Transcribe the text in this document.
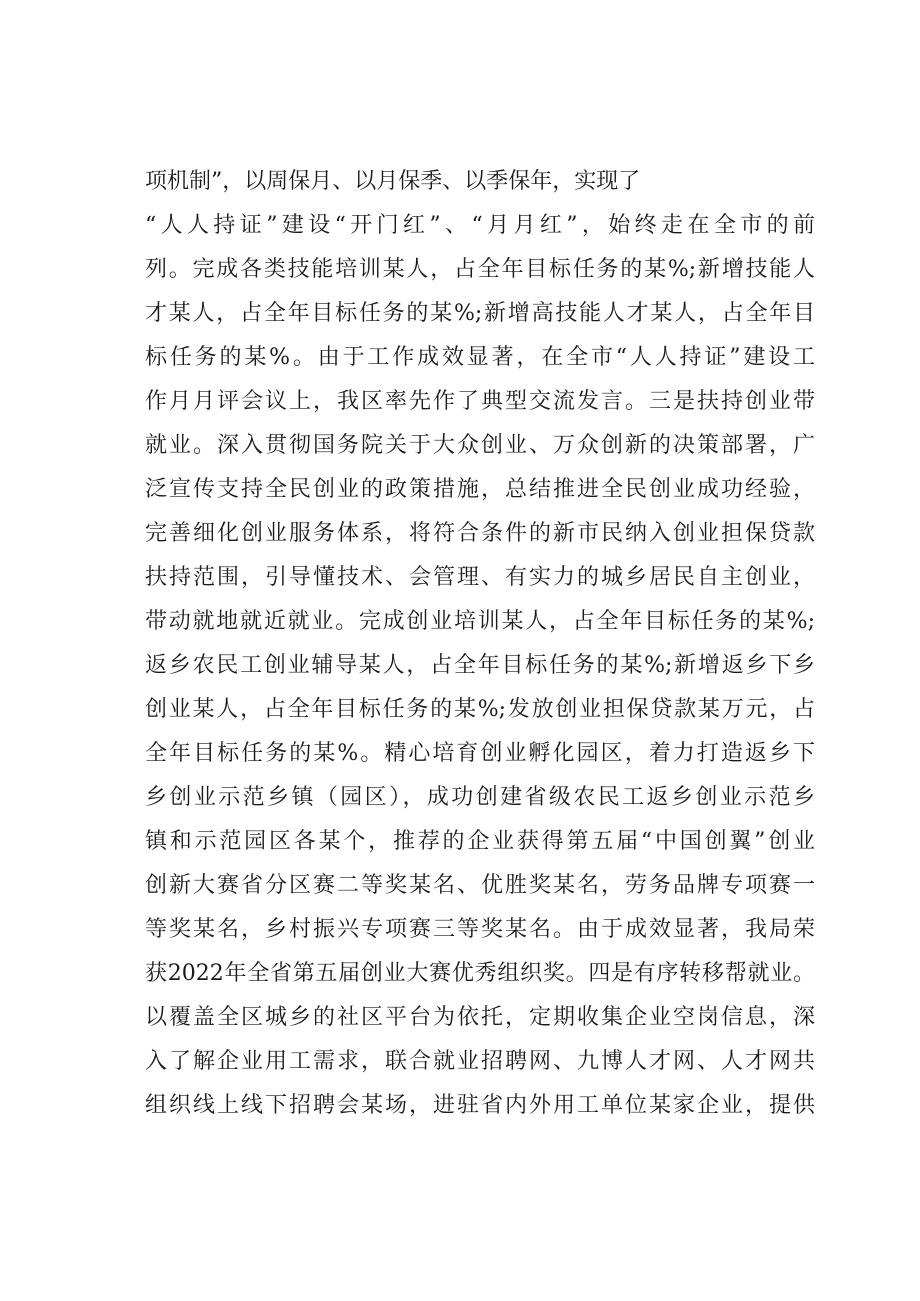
项机制”，以周保月、以月保季、以季保年，实现了
“人人持证”建设“开门红”、“月月红”，始终走在全市的前
列。完成各类技能培训某人，占全年目标任务的某%;新增技能人
才某人，占全年目标任务的某%;新增高技能人才某人，占全年目
标任务的某%。由于工作成效显著，在全市“人人持证”建设工
作月月评会议上，我区率先作了典型交流发言。三是扶持创业带
就业。深入贯彻国务院关于大众创业、万众创新的决策部署，广
泛宣传支持全民创业的政策措施，总结推进全民创业成功经验，
完善细化创业服务体系，将符合条件的新市民纳入创业担保贷款
扶持范围，引导懂技术、会管理、有实力的城乡居民自主创业，
带动就地就近就业。完成创业培训某人，占全年目标任务的某%;
返乡农民工创业辅导某人，占全年目标任务的某%;新增返乡下乡
创业某人，占全年目标任务的某%;发放创业担保贷款某万元，占
全年目标任务的某%。精心培育创业孵化园区，着力打造返乡下
乡创业示范乡镇（园区），成功创建省级农民工返乡创业示范乡
镇和示范园区各某个，推荐的企业获得第五届“中国创翼”创业
创新大赛省分区赛二等奖某名、优胜奖某名，劳务品牌专项赛一
等奖某名，乡村振兴专项赛三等奖某名。由于成效显著，我局荣
获2022年全省第五届创业大赛优秀组织奖。四是有序转移帮就业。
以覆盖全区城乡的社区平台为依托，定期收集企业空岗信息，深
入了解企业用工需求，联合就业招聘网、九博人才网、人才网共
组织线上线下招聘会某场，进驻省内外用工单位某家企业，提供
